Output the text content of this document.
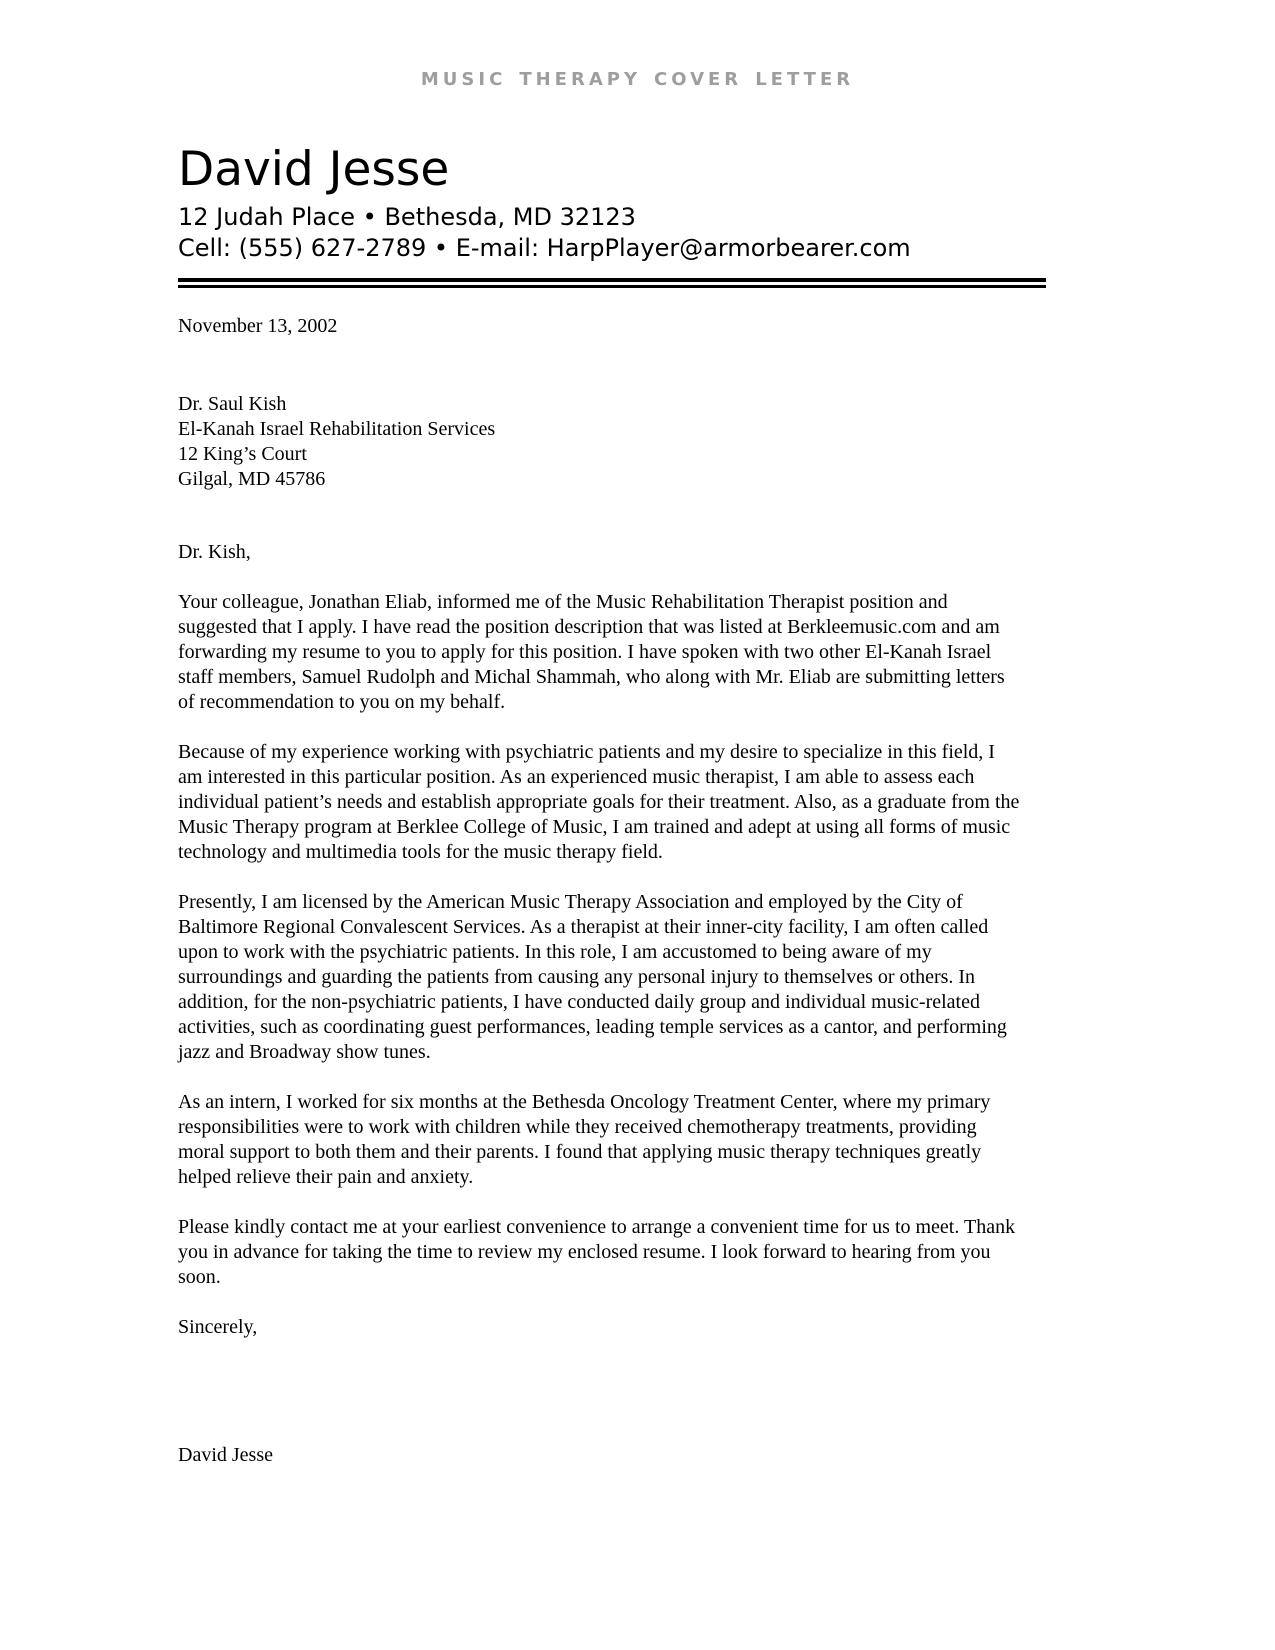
music therapy cover letter
David Jesse

12 Judah Place • Bethesda, MD 32123

Cell: (555) 627-2789 • E-mail: HarpPlayer@armorbearer.com

November 13, 2002

Dr. Saul Kish

El-Kanah Israel Rehabilitation Services

12 King’s Court

Gilgal, MD 45786

Dr. Kish,

Your colleague, Jonathan Eliab, informed me of the Music Rehabilitation Therapist position and suggested that I apply. I have read the position description that was listed at Berkleemusic.com and am forwarding my resume to you to apply for this position. I have spoken with two other El-Kanah Israel staff members, Samuel Rudolph and Michal Shammah, who along with Mr. Eliab are submitting letters of recommendation to you on my behalf.

Because of my experience working with psychiatric patients and my desire to specialize in this field, I am interested in this particular position. As an experienced music therapist, I am able to assess each individual patient’s needs and establish appropriate goals for their treatment. Also, as a graduate from the Music Therapy program at Berklee College of Music, I am trained and adept at using all forms of music technology and multimedia tools for the music therapy field.

Presently, I am licensed by the American Music Therapy Association and employed by the City of Baltimore Regional Convalescent Services. As a therapist at their inner-city facility, I am often called upon to work with the psychiatric patients. In this role, I am accustomed to being aware of my surroundings and guarding the patients from causing any personal injury to themselves or others. In addition, for the non-psychiatric patients, I have conducted daily group and individual music-related activities, such as coordinating guest performances, leading temple services as a cantor, and performing jazz and Broadway show tunes.

As an intern, I worked for six months at the Bethesda Oncology Treatment Center, where my primary responsibilities were to work with children while they received chemotherapy treatments, providing moral support to both them and their parents. I found that applying music therapy techniques greatly helped relieve their pain and anxiety.

Please kindly contact me at your earliest convenience to arrange a convenient time for us to meet. Thank you in advance for taking the time to review my enclosed resume. I look forward to hearing from you soon.

Sincerely,

David Jesse
